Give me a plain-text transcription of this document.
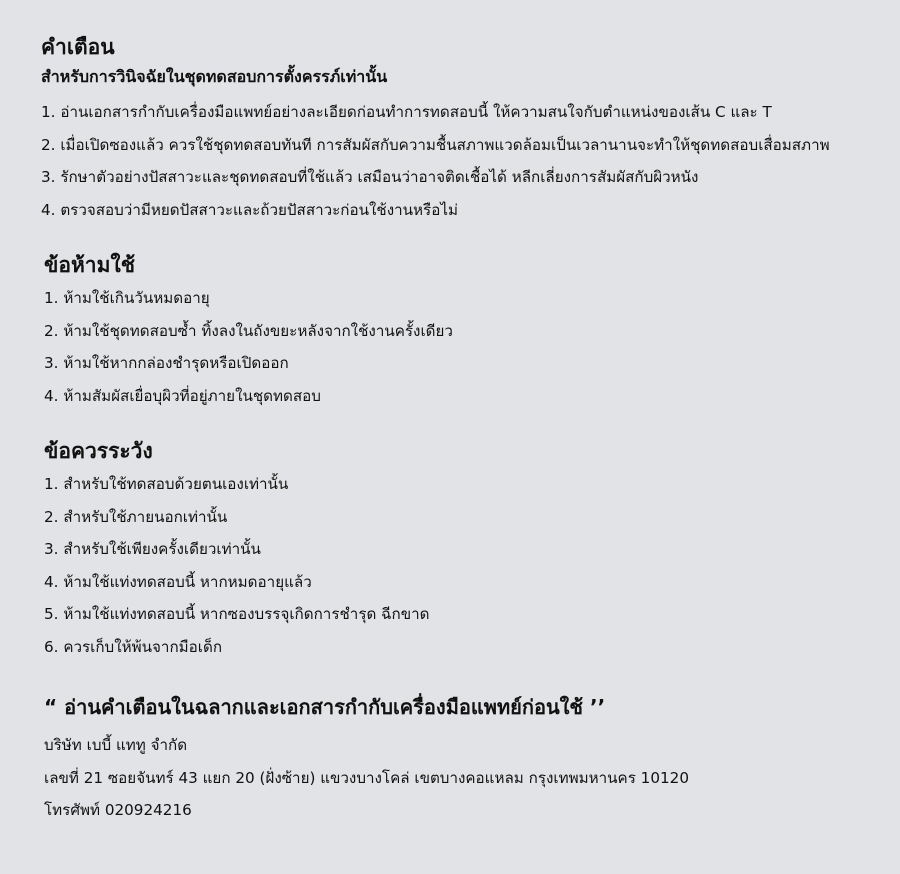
คำเตือน
สำหรับการวินิจฉัยในชุดทดสอบการตั้งครรภ์เท่านั้น
1. อ่านเอกสารกำกับเครื่องมือแพทย์อย่างละเอียดก่อนทำการทดสอบนี้ ให้ความสนใจกับตำแหน่งของเส้น C และ T
2. เมื่อเปิดซองแล้ว ควรใช้ชุดทดสอบทันที การสัมผัสกับความชื้นสภาพแวดล้อมเป็นเวลานานจะทำให้ชุดทดสอบเสื่อมสภาพ
3. รักษาตัวอย่างปัสสาวะและชุดทดสอบที่ใช้แล้ว เสมือนว่าอาจติดเชื้อได้ หลีกเลี่ยงการสัมผัสกับผิวหนัง
4. ตรวจสอบว่ามีหยดปัสสาวะและถ้วยปัสสาวะก่อนใช้งานหรือไม่
ข้อห้ามใช้
1. ห้ามใช้เกินวันหมดอายุ
2. ห้ามใช้ชุดทดสอบซ้ำ ทิ้งลงในถังขยะหลังจากใช้งานครั้งเดียว
3. ห้ามใช้หากกล่องชำรุดหรือเปิดออก
4. ห้ามสัมผัสเยื่อบุผิวที่อยู่ภายในชุดทดสอบ
ข้อควรระวัง
1. สำหรับใช้ทดสอบด้วยตนเองเท่านั้น
2. สำหรับใช้ภายนอกเท่านั้น
3. สำหรับใช้เพียงครั้งเดียวเท่านั้น
4. ห้ามใช้แท่งทดสอบนี้ หากหมดอายุแล้ว
5. ห้ามใช้แท่งทดสอบนี้ หากซองบรรจุเกิดการชำรุด ฉีกขาด
6. ควรเก็บให้พ้นจากมือเด็ก
“ อ่านคำเตือนในฉลากและเอกสารกำกับเครื่องมือแพทย์ก่อนใช้ ’’

บริษัท เบบี้ แททู จำกัด

เลขที่ 21 ซอยจันทร์ 43 แยก 20 (ฝั่งซ้าย) แขวงบางโคล่ เขตบางคอแหลม กรุงเทพมหานคร 10120

โทรศัพท์ 020924216
